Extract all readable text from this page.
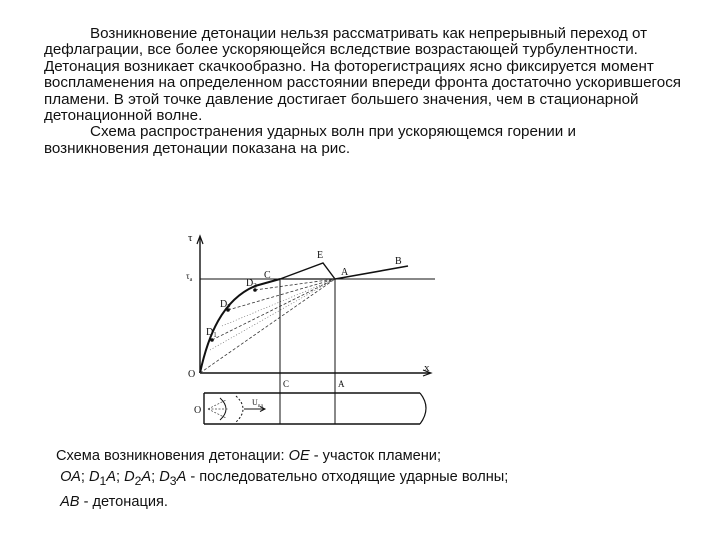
Возникновение детонации нельзя рассматривать как непрерывный переход от дефлаграции, все более ускоряющейся вследствие возрастающей турбулентности. Детонация возникает скачкообразно. На фоторегистрациях ясно фиксируется момент воспламенения на определенном расстоянии впереди фронта достаточно ускорившегося пламени. В этой точке давление достигает большего значения, чем в стационарной детонационной волне.

Схема распространения ударных волн при ускоряющемся горении и возникновения детонации показана на рис.

τ
x
O
$\tau_а$
$D_1$
$D_2$
$D_3$
C
E
A
B
C	A
O
$U_{пл}$
Схема возникновения детонации: ОЕ - участок пламени;
ОА; $D_1A$; $D_2A$; $D_3A$ - последовательно отходящие ударные волны;
АВ - детонация.
